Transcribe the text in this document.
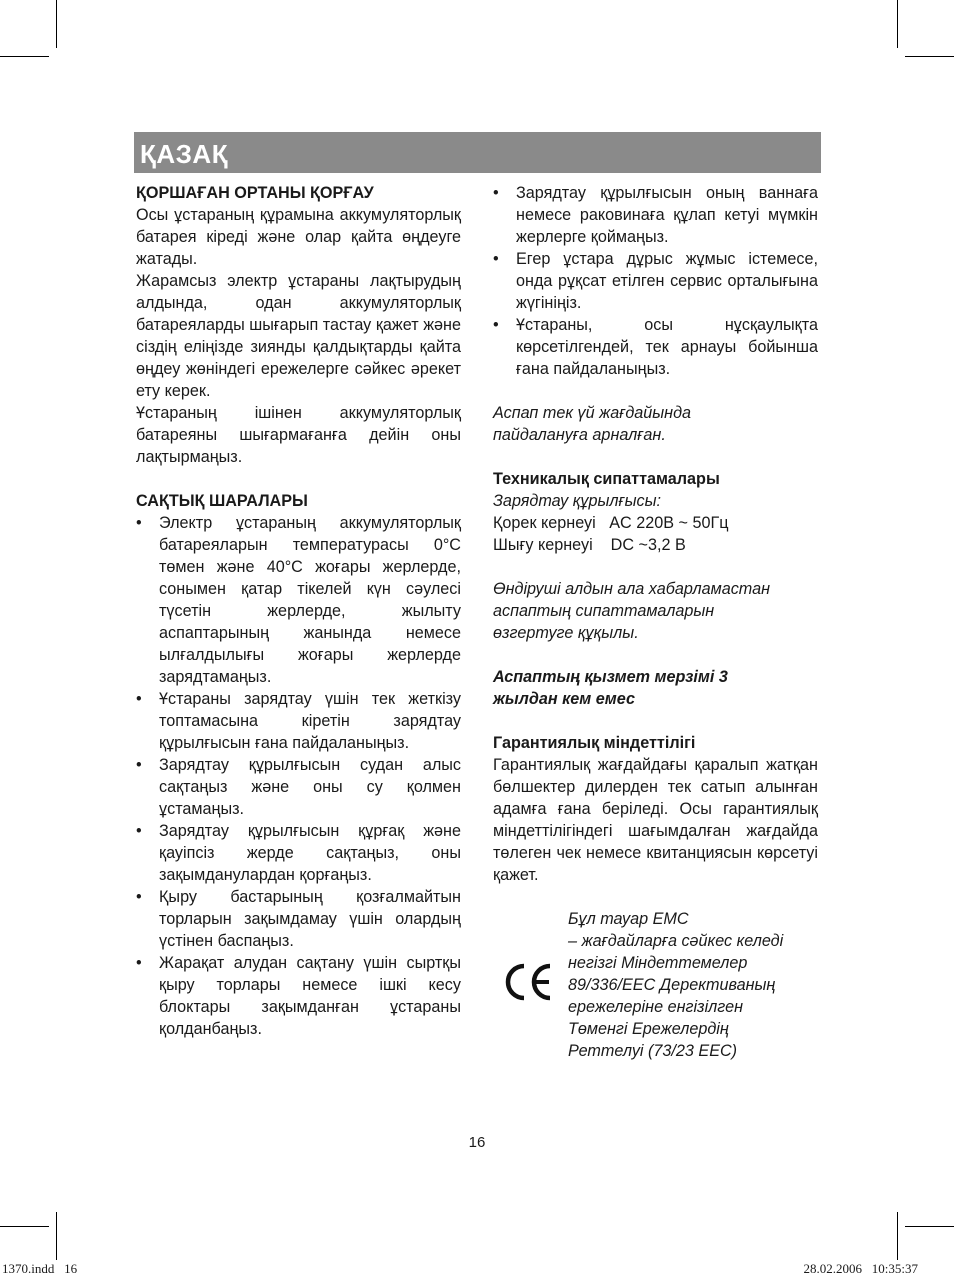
ҚАЗАҚ

ҚОРШАҒАН ОРТАНЫ ҚОРҒАУ

Осы ұстараның құрамына аккумуляторлық батарея кіреді және олар қайта өңдеуге жатады.

Жарамсыз электр ұстараны лақтырудың алдында, одан аккумуляторлық батареяларды шығарып тастау қажет және сіздің еліңізде зиянды қалдықтарды қайта өңдеу жөніндегі ережелерге сәйкес әрекет ету керек.

Ұстараның ішінен аккумуляторлық батареяны шығармағанға дейін оны лақтырмаңыз.

САҚТЫҚ ШАРАЛАРЫ

• Электр ұстараның аккумуляторлық батареяларын температурасы 0°C төмен және 40°C жоғары жерлерде, сонымен қатар тікелей күн сәулесі түсетін жерлерде, жылыту аспаптарының жанында немесе ылғалдылығы жоғары жерлерде зарядтамаңыз.
• Ұстараны зарядтау үшін тек жеткізу топтамасына кіретін зарядтау құрылғысын ғана пайдаланыңыз.
• Зарядтау құрылғысын судан алыс сақтаңыз және оны су қолмен ұстамаңыз.
• Зарядтау құрылғысын құрғақ және қауіпсіз жерде сақтаңыз, оны зақымданулардан қорғаңыз.
• Қыру бастарының қозғалмайтын торларын зақымдамау үшін олардың үстінен баспаңыз.
• Жарақат алудан сақтану үшін сыртқы қыру торлары немесе ішкі кесу блоктары зақымданған ұстараны қолданбаңыз.
• Зарядтау құрылғысын оның ваннаға немесе раковинаға құлап кетуі мүмкін жерлерге қоймаңыз.
• Егер ұстара дұрыс жұмыс істемесе, онда рұқсат етілген сервис орталығына жүгініңіз.
• Ұстараны, осы нұсқаулықта көрсетілгендей, тек арнауы бойынша ғана пайдаланыңыз.

Аспап тек үй жағдайында

пайдалануға арналған.

Техникалық сипаттамалары

Зарядтау құрылғысы:

Қорек кернеуі   AC 220В ~ 50Гц

Шығу кернеуі    DC ~3,2 В

Өндіруші алдын ала хабарламастан

аспаптың сипаттамаларын

өзгертуге құқылы.

Аспаптың қызмет мерзімі 3

жылдан кем емес

Гарантиялық міндеттілігі

Гарантиялық жағдайдағы қаралып жатқан бөлшектер дилерден тек сатып алынған адамға ғана беріледі. Осы гарантиялық міндеттілігіндегі шағымдалған жағдайда төлеген чек немесе квитанциясын көрсетуі қажет.

Бұл тауар EMC
– жағдайларға сәйкес келеді
негізгі Міндеттемелер
89/336/EEC Дерективаның
ережелеріне енгізілген
Төменгі Ережелердің
Реттелуі (73/23 EEC)
16
1370.indd   16	28.02.2006   10:35:37
